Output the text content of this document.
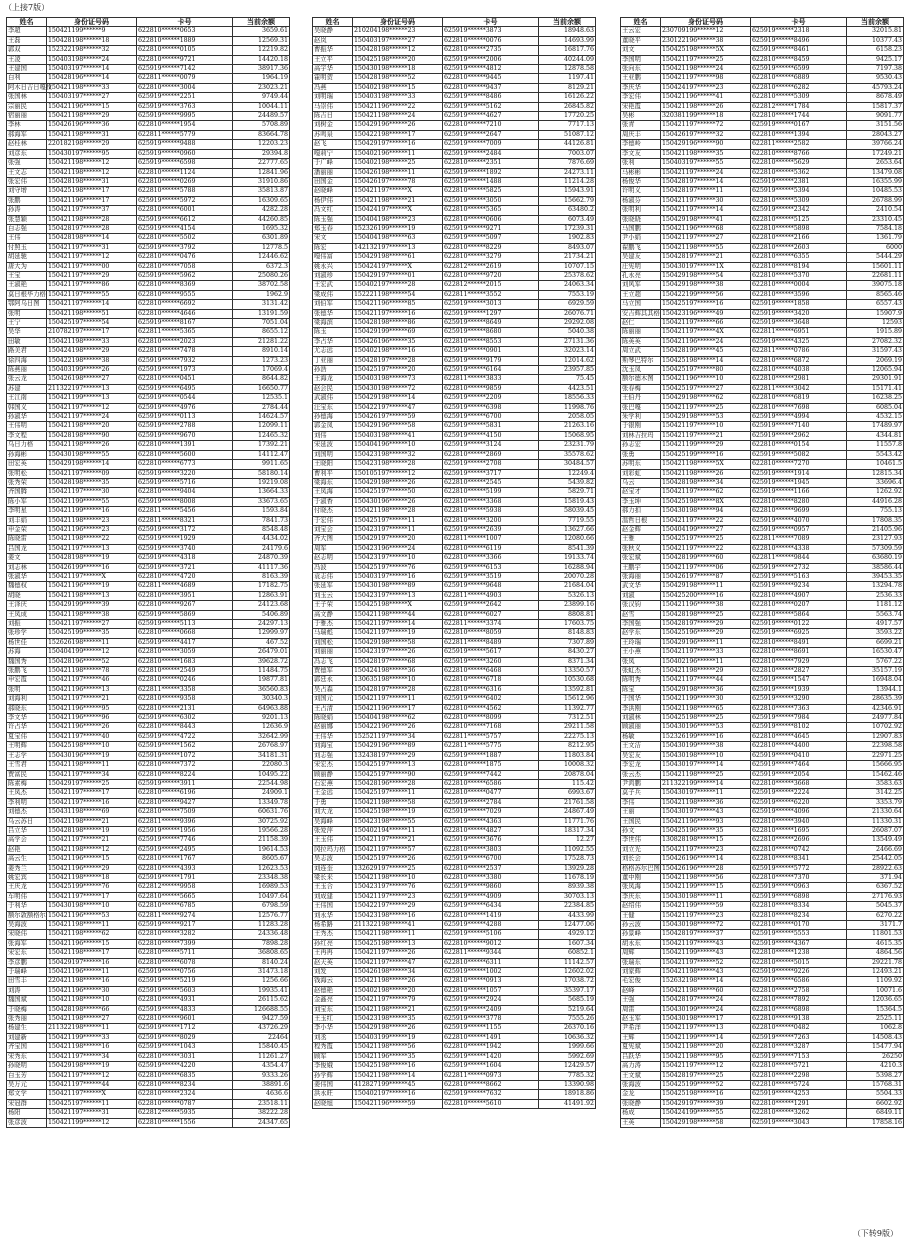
（上接7版）
姓名	身份证号码	卡号	当前余额
李超	150421199******9	622810******0653	3659.61
王磊	150428198******18	622810******1889	12569.31
郭双	152322198******32	622810******0105	12219.82
王凌	150403198******24	622810******9721	14420.18
王建国	150403197******14	625919******7142	38917.36
白利	150428196******14	622811******0079	1964.19
阿木日吉日嘎拉	150421198******33	622810******3004	23023.21
张国林	150403197******27	625919******2251	9749.44
宗丽民	150421196******15	625919******3763	10044.11
宿丽丽	150421198******29	625919******9995	24489.57
李林	150426196******36	622810******1954	5708.89
郝海军	150421198******31	622811******5779	83664.78
赵桂林	220182198******29	625919******9488	12203.23
刘彦东	150430197******95	625919******0960	29394.8
张强	150421198******12	625919******6598	22777.65
王文志	150421198******12	622810******1124	12841.96
张宏伟	150428198******31	622810******0269	31910.86
刘守增	150425198******17	622810******5788	35813.87
张鹏	150421196******17	625919******5972	16309.65
孙涛	150421197******37	622810******6001	4282.28
张慧颖	150421198******28	625919******6612	44260.85
白志强	150428197******28	625919******4154	1695.32
王伟	150428198******14	622810******5502	6301.89
付照玉	150421197******31	625919******3792	12778.5
胡延驰	150421197******12	622810******0476	12446.62
唐大为	150421197******00	622810******7058	6372.3
王宝	150421197******29	625919******5962	25080.26
王淑艳	150421197******86	622810******8369	38702.58
莫日根毕力格	150421197******55	622810******9555	1962.9
鄂阿乌日图	150421197******14	622810******6692	3131.42
张明	150421198******51	622810******4646	13191.59
王宁	150425197******54	625919******8167	7051.04
吴华	210782197******17	622811******5365	8655.12
田敏	150421198******33	622810******2023	21281.22
路美君	150424198******29	622810******7478	8910.14
徐四海	150422198******38	625919******7932	1273.23
陈燕丽	150403199******26	625919******1973	17069.4
张云龙	150426198******27	622810******0451	8644.82
苏建	211322197******13	625919******6495	16650.77
王江南	150421199******13	625919******0544	12535.1
韩国义	150421197******12	625919******4976	2784.44
孙淑华	150421197******24	625919******0113	14624.57
王伟明	150421198******20	625919******2788	12099.11
李文程	150428198******90	625919******9670	12465.32
乌日力格	150421198******26	622810******1391	17392.21
孙海彬	150430198******55	622810******5600	14112.47
田宏英	150429198******14	622810******6773	9911.65
张明松	150421197******09	625919******3220	58180.14
张秀荣	150428198******35	625919******5716	19219.08
齐国腾	150421197******30	622810******9404	13664.33
陈小军	150421199******55	625919******8008	33673.65
李明星	150421199******16	622811******5456	1593.84
刘丰娟	150421198******23	622811******8321	7841.73
申金荣	150421196******23	625919******3172	8548.48
陈晓雷	150421198******22	625919******1929	4434.02
吕国龙	150421197******13	625919******3740	24179.6
姜文	150428198******19	625919******4318	24870.39
刘志林	150426199******16	625919******3721	41117.36
张淑华	150421197******X	622810******4720	8163.39
魏德权	150421196******19	622811******4689	17182.75
胡晓	150421198******13	622810******3951	12863.91
王泽庆	150429199******39	622810******9267	24123.68
王凤成	150421198******38	625919******5869	5406.89
刘振	150421197******27	625919******5113	24297.13
张珍学	150425199******35	622810******0668	12999.97
杨世佳	152626198******11	625919******4417	467.52
苏海	150404199******12	622810******3059	26479.01
魏国秀	150428196******52	622810******1683	39628.72
张鹏飞	150421198******78	622810******2549	11484.75
申宏霞	150421197******46	622810******0246	19877.81
张明	150421196******13	622811******3358	36560.83
刘海利	150421197******21	622810******9358	30340.3
郝晓东	150421196******95	622810******2131	64963.88
李文华	150421196******96	625919******6302	9201.13
许占华	150421196******26	622810******8443	12636.9
夏宝伟	150421197******40	625919******4722	32642.99
王明辉	150425198******10	625919******1562	26768.97
王志学	150430196******19	625919******1072	34181.31
王雪君	150421198******11	622810******7372	22080.3
贾富民	150421197******34	622810******8224	10495.22
陈素梅	150429197******25	625919******3911	22544.98
王凤杰	150421197******17	622810******6196	24909.1
李利明	150421197******16	622810******9427	13349.78
刘德杰	150431198******69	622810******7509	60631.76
乌云苏日	150421198******21	622811******9396	30725.92
吕立华	150428198******19	625919******1956	19566.28
高学会	150421197******21	625919******7746	21158.39
赵艳	150421198******12	625919******2495	19614.53
高云生	150421196******15	622810******1767	8605.67
姜秀兰	150421196******29	622810******4393	12623.53
姚宏宾	150421198******18	625919******1791	23348.38
王庆龙	150425199******76	622812******9958	16989.53
车明伟	150421197******17	622810******5665	10497.64
于利华	150430198******10	622810******6785	6798.59
额尔敦额格尔	150421196******53	622811******9274	12576.77
吴海波	150421198******11	625919******9217	11283.28
宋晓伟	150421198******62	622810******3282	24336.48
张海军	150421196******15	622810******7399	7898.28
宋宏东	150421198******17	622810******5711	36808.65
李彦鹏	150429197******16	622810******6078	8140.24
于瑞峰	150421196******11	625919******0756	31473.18
田雪丰	220421198******16	625919******5219	1256.66
刘涛	150421196******30	625919******5603	19935.41
魏国斌	150421198******10	622810******4931	26115.62
于晓梅	150428198******66	625919******4833	126688.55
张秀丽	150421198******27	622810******9601	9427.59
杨建生	211322198******11	625919******1712	43726.29
刘建新	150421199******33	625919******8029	22464
齐宝国	150421198******16	625919******1043	15840.45
宋秀东	150421197******34	622810******3031	11261.27
孙晓明	150429198******19	625919******4220	4354.47
白玉芳	150421197******12	622810******6835	9333.26
吴万元	150421197******44	622810******8234	38891.6
郑文学	150421197******X	622810******2324	4636.6
宋冠群	150425197******11	622810******0787	23518.11
杨阳	150421197******31	622812******5935	38222.28
张彦波	150421199******12	622810******1556	24347.65
姓名	身份证号码	卡号	当前余额
吴晓静	210204198******23	625919******3873	18948.63
赵岚	150403197******27	622810******0076	14693.99
曹振华	150428198******12	622810******2735	16817.76
王立平	150425198******20	625919******2006	40244.09
高宇华	150430198******18	625919******4812	12878.58
霍明贺	150428198******52	622810******9445	1197.41
冯燕	150402198******15	622810******9437	8129.21
刘明瑞	150403198******33	625919******8486	16126.22
马崇伟	150421196******22	625919******5162	26845.82
陈吉日	150421198******24	625919******4627	17720.25
刘树金	150429196******26	622810******7210	7717.13
苏鸣泉	150422198******17	625919******2647	51087.12
赵飞	150429197******16	625919******7009	44126.81
嘎莉宁	150402196******11	625919******2484	7003.07
于广峰	150402198******25	622810******2351	7876.69
潘丽丽	150426198******11	625919******1892	24273.11
田国金	150426197******78	625919******1488	11214.28
赵晓峰	150421197******X	622810******5825	15943.91
杨伊伟	150421198******21	625919******3050	15662.79
冯文红	150424197******X	622810******5365	63480.2
陈玉强	150404198******23	622810******0606	6073.49
郑玉春	152326199******19	625919******9271	17239.31
宋文	150404198******63	625919******5097	1902.83
陈宏	142132197******13	622810******8229	8493.07
嘎伟富	150429198******61	622810******3279	21734.21
姚永兴	150424197******X	622812******2619	10707.15
刘淑珍	150429197******01	622810******9720	25378.62
王宏武	150402197******28	622812******2015	24063.34
梁成伟	152221198******54	622811******3552	7553.19
刘伯军	150421196******85	625919******3013	6929.59
张德华	150421197******16	625919******1297	26076.71
梁海滨	150428198******86	625919******8649	29292.08
陈玉	150429199******69	625919******8680	5040.38
李占华	150426196******35	622810******8553	27131.36
尤志远	150402198******16	625919******0901	32023.14
丁亚丽	150428197******28	625919******9179	12014.62
孙浩	150425197******20	625919******6164	23957.85
王海龙	150403198******73	622811******3833	75.45
赵会民	150430198******72	622810******9859	4423.51
武淑伟	150429198******14	625919******2209	18556.33
汪宝东	150422197******47	625919******6398	11998.76
孙德海	150426197******59	625919******6700	2058.05
郭金凤	150429196******58	625919******5831	21263.16
刘伟	150403198******41	625919******4150	15068.95
宋延波	150404196******10	625919******3124	23231.79
刘国明	150423198******32	622810******2869	35578.62
王晓阳	150423198******28	625919******2708	30484.57
曹利平	150105197******12	625919******3717	12249.4
梁海东	150429198******26	622810******2545	5439.82
王凤海	150425197******50	622810******5199	5829.71
于淑香	150430196******26	622810******3368	15819.43
付晓杰	150421198******28	622810******5938	58039.45
于宏伟	150425197******11	622810******3200	7719.55
刘宝会	150423197******11	625919******2639	13627.66
齐大图	150429197******20	622811******1007	12080.66
周军	150423196******24	622810******6119	8541.39
赵志明	150423197******10	622810******3366	19133.74
冯波	150425197******76	625919******6153	16288.94
袁志伟	150403197******16	625919******3519	20070.28
张延军	150430198******89	625919******9648	21684.04
刘玉云	150423197******13	622811******4903	5326.13
王子荣	150425198******X	625919******2642	23899.16
高文静	150421198******44	622810******6027	8808.81
于雅杰	150421197******14	622811******3374	17603.75
马瑞彪	150421197******19	622810******8059	8148.83
刘国松	150429198******58	622811******8489	7307.89
刘丽丽	150423197******26	625919******5617	8430.27
冯志飞	150428197******68	625919******3260	8371.34
贾德军	150424198******36	622810******6468	13350.57
郭廷永	130635198******10	622810******6718	10530.68
吴占森	150428197******28	622810******6316	13592.81
刘国元	150421197******11	625919******6402	15612.96
王占清	150421196******17	622810******4562	11392.77
陈晓娟	150404198******62	622810******8099	7312.51
赵丽娜	150422196******26	622810******7168	29211.58
王伟华	152521197******34	622811******5757	22275.13
刘海宝	150429196******89	622811******5775	8212.95
刘志强	132438197******29	625919******1887	11803.84
宋宏杰	150425197******13	622810******1875	10008.32
顾丽静	150425197******90	625919******7442	20878.04
石宏燕	150428196******28	622810******6586	115.42
王金远	150425197******11	622810******0477	6993.67
于勇	150421198******58	625919******2784	21761.58
刘大龙	150425198******19	625919******7029	24867.49
吴海峰	150423198******55	625919******4363	11771.76
张爱萍	150402194******11	622810******4827	18317.34
王玉伟	150421197******21	625919******3676	12.27
冈拉玛力格	150421197******57	622810******3803	11092.55
吴志波	150425197******26	625919******6700	17528.73
刘连奎	132629197******25	622810******2537	13929.28
梁长来	150421198******10	622810******3380	11678.19
王玉合	150423197******76	625919******9860	8939.38
刘成建	150421197******23	625919******4909	30703.13
王伟国	150422197******29	625919******6434	22384.85
刘永华	150423198******16	622810******1419	4433.99
杨希路	211322198******41	625919******4288	12477.06
王秀杰	150421198******11	625919******5106	4929.12
孙红亮	150425198******13	622810******9012	1607.34
王再再	150421197******26	622811******9344	60852.1
赵天英	150421197******47	622810******6311	11142.57
刘发	150426198******34	625919******1002	12602.02
钱海云	150421198******26	622810******0913	17038.72
赵德艳	150402198******20	622810******1057	35397.17
金鑫亮	150421197******79	625919******2924	5685.19
刘宝东	150421198******21	625919******2409	5219.64
王玉红	150423198******35	625919******3778	7555.26
李小华	150429198******26	625919******1155	26370.16
刘丞	150403199******19	622810******1491	10636.32
程秀霞	150421198******56	622810******1942	1999.66
顾军	150421196******35	625919******1420	5992.69
李俊娥	150425198******16	625919******1604	12429.57
孙学辉	150421198******14	622811******0973	7785.32
姜伟国	412827199******45	622810******8662	13390.98
洪永旺	150402197******16	625919******7632	18918.86
赵晓旭	150421196******59	622810******5610	41491.92
姓名	身份证号码	卡号	当前余额
王云宏	230709199******12	625919******2318	32015.81
董晓平	230122196******38	625919******8496	10377.43
刘文	150425198******5X	625919******8461	6158.23
李国明	150421197******25	622810******8459	9425.17
张向东	150421198******24	625919******6599	7197.38
王亚鹏	150421197******98	622810******6889	9530.43
李庆华	150424197******23	622810******6282	45793.24
李宏伟	150421196******41	622810******5309	8678.49
宋艳霞	150421198******26	622812******1784	15817.37
吴彬	320381199******18	622810******1744	9091.77
张青	150421197******72	625919******0167	3151.56
周庆丰	150426197******32	622810******1394	28043.27
李德岭	150429196******90	622811******2582	39766.24
李文友	150421198******35	622810******8766	17249.21
张利	150403197******55	622810******5629	2653.64
马彬彬	150421197******24	622810******5362	13479.08
杨俊华	150428197******14	625919******2381	16355.99
许明义	150428197******11	625919******5394	10485.53
杨淑芬	150421197******30	622810******5309	26788.99
张明利	150421197******14	625919******2342	2410.54
张晓晓	150429198******41	622810******5125	23310.45
马国鹏	150421196******68	622810******5898	7584.18
尹小娟	150421197******27	622810******2166	1361.79
翟鹏飞	150421198******55	622810******2603	6000
吴建友	150428197******21	622810******6355	5444.29
庄宪明	150430197******1X	622810******8194	15601.11
孔永亮	150429198******54	622810******5370	22681.11
刘风军	150429198******38	622810******0004	39075.18
王立超	150422199******56	622810******3596	8565.46
马立国	150425197******16	625919******1858	6557.43
安吉辉其其格	150423196******49	625919******3420	15907.9
赵仁	150421197******66	625919******3648	12593
陈丽丽	150421197******4X	622811******6951	1915.89
陈英英	150421196******24	625919******4325	27082.32
周立武	150428199******45	622811******0786	31597.43
斯琴巴特尔	150425198******14	622810******6872	2069.19
沈玉凤	150425197******80	622810******4038	12065.94
额尔德木图	150421196******10	622810******2981	29301.91
张春梅	150425197******27	622811******3042	15171.41
王伯丹	150429198******62	622810******6819	16238.25
张巴嘎	150421197******25	622810******7698	6085.04
朱学利	150429198******53	625919******4994	4532.15
于银刚	150421197******10	625919******7140	17489.97
刘林吉拉玛	150421197******21	625919******2962	4344.81
孙志宏	150421199******29	622810******0154	11557.8
张勇	150425199******16	625919******5082	5543.42
苏明东	150421198******5X	622810******7270	10461.5
刘彩虹	150421198******26	625919******1914	12815.34
乌云	150428198******34	625919******1945	33696.4
赵宝才	150421197******62	625919******1166	1262.92
李玉坤	150425198******8X	622810******8280	44916.28
郝力扣	150430198******94	622810******9699	755.13
温哲日根	150421197******22	625919******4070	17808.35
赵金辉	150404199******27	625919******0957	21405.96
王雅	150425197******25	622811******7089	23127.93
张秋义	150421197******22	622810******4338	57309.59
张宏斌	150428199******60	622811******9844	63680.19
王鹏宇	150421197******06	625919******2732	38586.44
张海丽	150426197******87	625919******5163	39453.35
武文华	150429198******11	625919******9234	13294.78
刘淑	150425200******16	622810******4907	2536.33
张汉钧	150421196******38	622810******0207	1181.12
赵雪	150428198******25	622810******5864	5563.74
李国强	150428197******29	625919******0122	4917.57
赵学东	150425196******29	625919******6925	3593.22
王玲瑞	150429196******11	622810******8491	6699.21
王小燕	150421197******33	622810******8691	16530.47
张凤	150402196******11	622810******7929	5767.22
张虹杰	150421198******29	622810******2827	35157.19
陈明秀	150421197******44	625919******1547	16948.04
陈宝	150429198******36	625919******1939	13944.1
于国华	150421199******30	625919******3290	28635.39
李洪刚	150421198******65	622810******7363	42346.91
刘淑林	150425198******25	625919******7984	24977.84
顾淑丽	150430196******53	625919******8102	10702.92
杨敏	152326199******16	622810******4645	12907.83
王文洁	150430199******38	622810******4400	22398.58
吴宏友	150430198******10	625919******0410	22971.25
李宏龙	150430197******14	625919******7464	15666.95
张云杰	150421198******25	625919******2054	15462.46
尹鸿鹏	211322199******14	622810******3668	3583.63
莫子兵	150430197******11	625919******2224	3142.25
李伟	150421198******36	625919******6220	3353.79
王丽	150430197******43	625919******4096	21330.64
王国民	150421196******93	622810******3940	11330.31
孙文	150425196******35	622810******1695	26087.07
李世伟	130828198******15	622810******2696	13549.49
刘立光	150421197******23	622810******0742	2466.69
刘长会	150426196******14	622810******8341	25442.05
格格苏尔巴图	150426196******28	625919******5772	28922.63
董中刚	150421198******56	622810******7370	371.94
张凤海	150421199******15	625919******0963	6367.52
李庆东	150430198******11	625919******6898	27176.93
赵绍伟	150421199******59	622810******8334	5045.37
王健	150421197******23	622810******8234	6270.22
孙云波	150430198******72	622810******0170	3171.7
孙景峰	150428197******37	625919******5553	11801.53
胡永东	150421197******43	625919******4367	4615.35
周辉	150421199******43	622810******1238	4864.56
张瑞东	150421197******52	622810******5015	29221.78
刘家辉	150421198******43	625919******9226	12493.21
毛宏俊	152632198******14	625919******6586	1109.92
赵峰	150421198******60	622810******2758	10071.6
王强	150428197******24	622810******7892	12036.65
周雷	150430199******24	622810******6898	15364.5
赵玉军	150430198******17	622810******9138	2525.11
尹希洋	150421197******13	622810******0482	1062.8
王辉	150421199******14	625919******7263	14508.43
夏宪斌	150421198******20	622810******3287	15477.94
吕跃华	150421198******95	625919******7153	26250
高力涛	150421197******12	622810******5721	4210.3
王文斌	150428197******25	622810******2298	5398.27
张海波	150425199******52	622810******5724	15768.31
金龙	150425198******16	625919******4253	5504.33
张晓静	150429197******39	622810******1291	6602.92
杨成	150424199******55	622810******3262	6849.11
王英	150429198******58	625919******3043	17858.16
（下转9版）
